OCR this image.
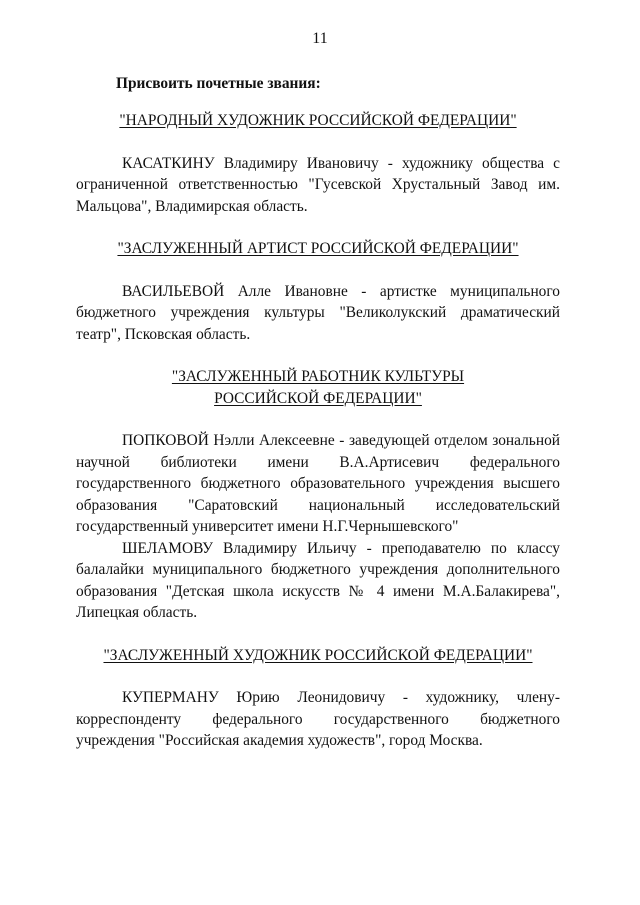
11

Присвоить почетные звания:

"НАРОДНЫЙ ХУДОЖНИК РОССИЙСКОЙ ФЕДЕРАЦИИ"

КАСАТКИНУ Владимиру Ивановичу - художнику общества с ограниченной ответственностью "Гусевской Хрустальный Завод им. Мальцова", Владимирская область.

"ЗАСЛУЖЕННЫЙ АРТИСТ РОССИЙСКОЙ ФЕДЕРАЦИИ"

ВАСИЛЬЕВОЙ Алле Ивановне - артистке муниципального бюджетного учреждения культуры "Великолукский драматический театр", Псковская область.

"ЗАСЛУЖЕННЫЙ РАБОТНИК КУЛЬТУРЫ
РОССИЙСКОЙ ФЕДЕРАЦИИ"

ПОПКОВОЙ Нэлли Алексеевне - заведующей отделом зональной научной библиотеки имени В.А.Артисевич федерального государственного бюджетного образовательного учреждения высшего образования "Саратовский национальный исследовательский государственный университет имени Н.Г.Чернышевского"

ШЕЛАМОВУ Владимиру Ильичу - преподавателю по классу балалайки муниципального бюджетного учреждения дополнительного образования "Детская школа искусств № 4 имени М.А.Балакирева", Липецкая область.

"ЗАСЛУЖЕННЫЙ ХУДОЖНИК РОССИЙСКОЙ ФЕДЕРАЦИИ"

КУПЕРМАНУ Юрию Леонидовичу - художнику, члену-корреспонденту федерального государственного бюджетного учреждения "Российская академия художеств", город Москва.
